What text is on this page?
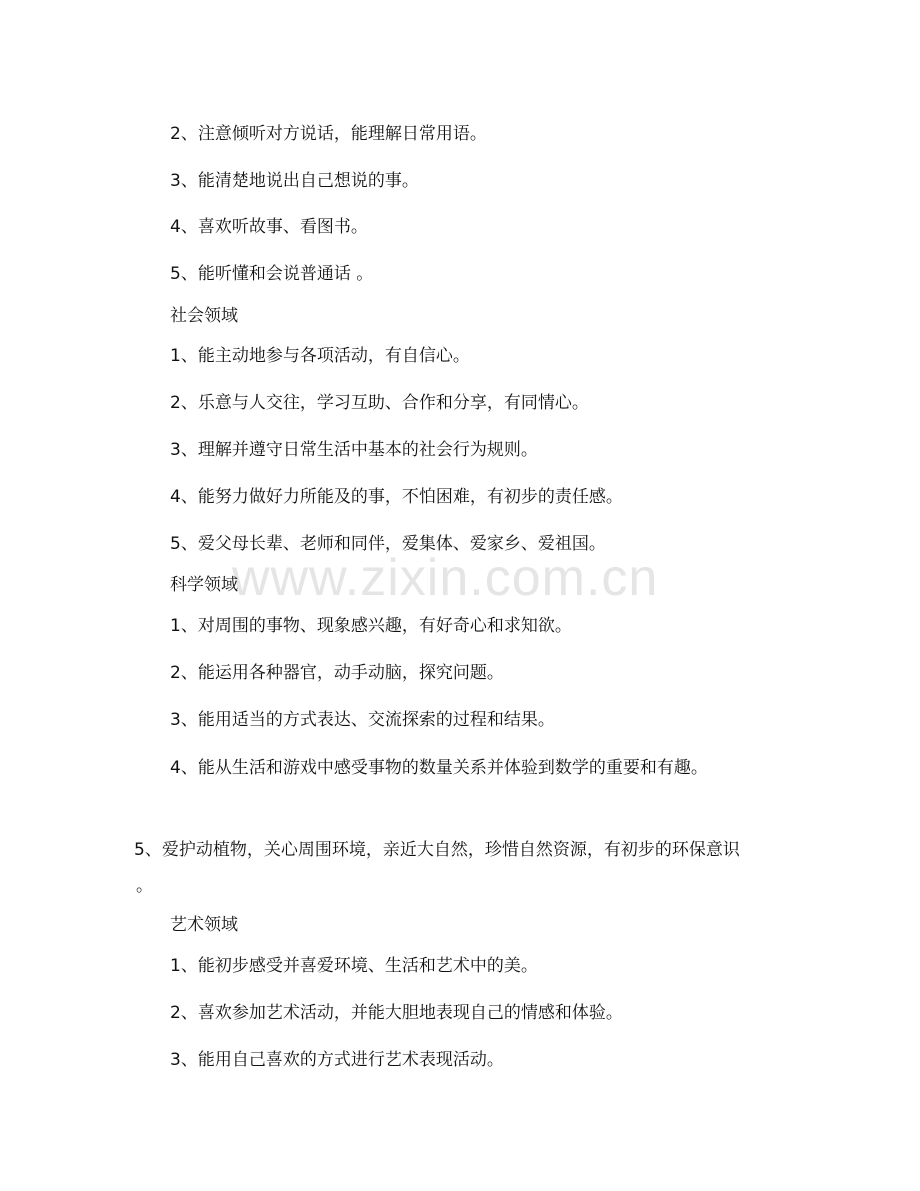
www.zixin.com.cn
2、注意倾听对方说话，能理解日常用语。
3、能清楚地说出自己想说的事。
4、喜欢听故事、看图书。
5、能听懂和会说普通话 。
社会领域
1、能主动地参与各项活动，有自信心。
2、乐意与人交往，学习互助、合作和分享，有同情心。
3、理解并遵守日常生活中基本的社会行为规则。
4、能努力做好力所能及的事，不怕困难，有初步的责任感。
5、爱父母长辈、老师和同伴，爱集体、爱家乡、爱祖国。
科学领域
1、对周围的事物、现象感兴趣，有好奇心和求知欲。
2、能运用各种器官，动手动脑，探究问题。
3、能用适当的方式表达、交流探索的过程和结果。
4、能从生活和游戏中感受事物的数量关系并体验到数学的重要和有趣。
5、爱护动植物，关心周围环境，亲近大自然，珍惜自然资源，有初步的环保意识
。
艺术领域
1、能初步感受并喜爱环境、生活和艺术中的美。
2、喜欢参加艺术活动，并能大胆地表现自己的情感和体验。
3、能用自己喜欢的方式进行艺术表现活动。
